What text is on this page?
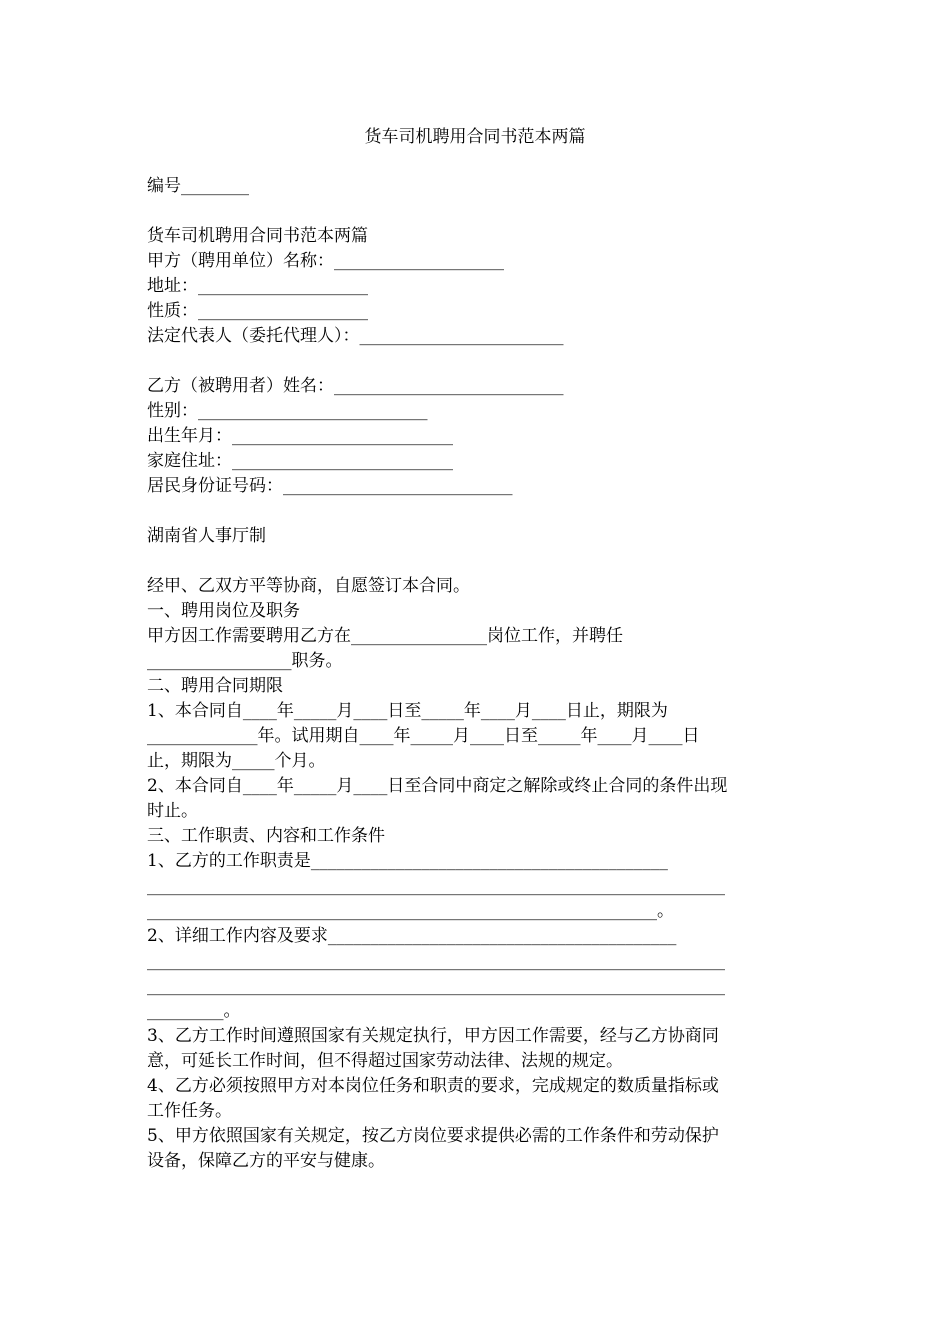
货车司机聘用合同书范本两篇
编号________
货车司机聘用合同书范本两篇
甲方（聘用单位）名称：____________________
地址：____________________
性质：____________________
法定代表人（委托代理人）：________________________
乙方（被聘用者）姓名：___________________________
性别：___________________________
出生年月：__________________________
家庭住址：__________________________
居民身份证号码：___________________________
湖南省人事厅制
经甲、乙双方平等协商，自愿签订本合同。
一、聘用岗位及职务
甲方因工作需要聘用乙方在________________岗位工作，并聘任
_________________职务。
二、聘用合同期限
1、本合同自____年_____月____日至_____年____月____日止，期限为
_____________年。试用期自____年_____月____日至_____年____月____日
止，期限为_____个月。
2、本合同自____年_____月____日至合同中商定之解除或终止合同的条件出现
时止。
三、工作职责、内容和工作条件
1、乙方的工作职责是__________________________________________
____________________________________________________________________
____________________________________________________________。
2、详细工作内容及要求_________________________________________
____________________________________________________________________
____________________________________________________________________
_________。
3、乙方工作时间遵照国家有关规定执行，甲方因工作需要，经与乙方协商同
意，可延长工作时间，但不得超过国家劳动法律、法规的规定。
4、乙方必须按照甲方对本岗位任务和职责的要求，完成规定的数质量指标或
工作任务。
5、甲方依照国家有关规定，按乙方岗位要求提供必需的工作条件和劳动保护
设备，保障乙方的平安与健康。
